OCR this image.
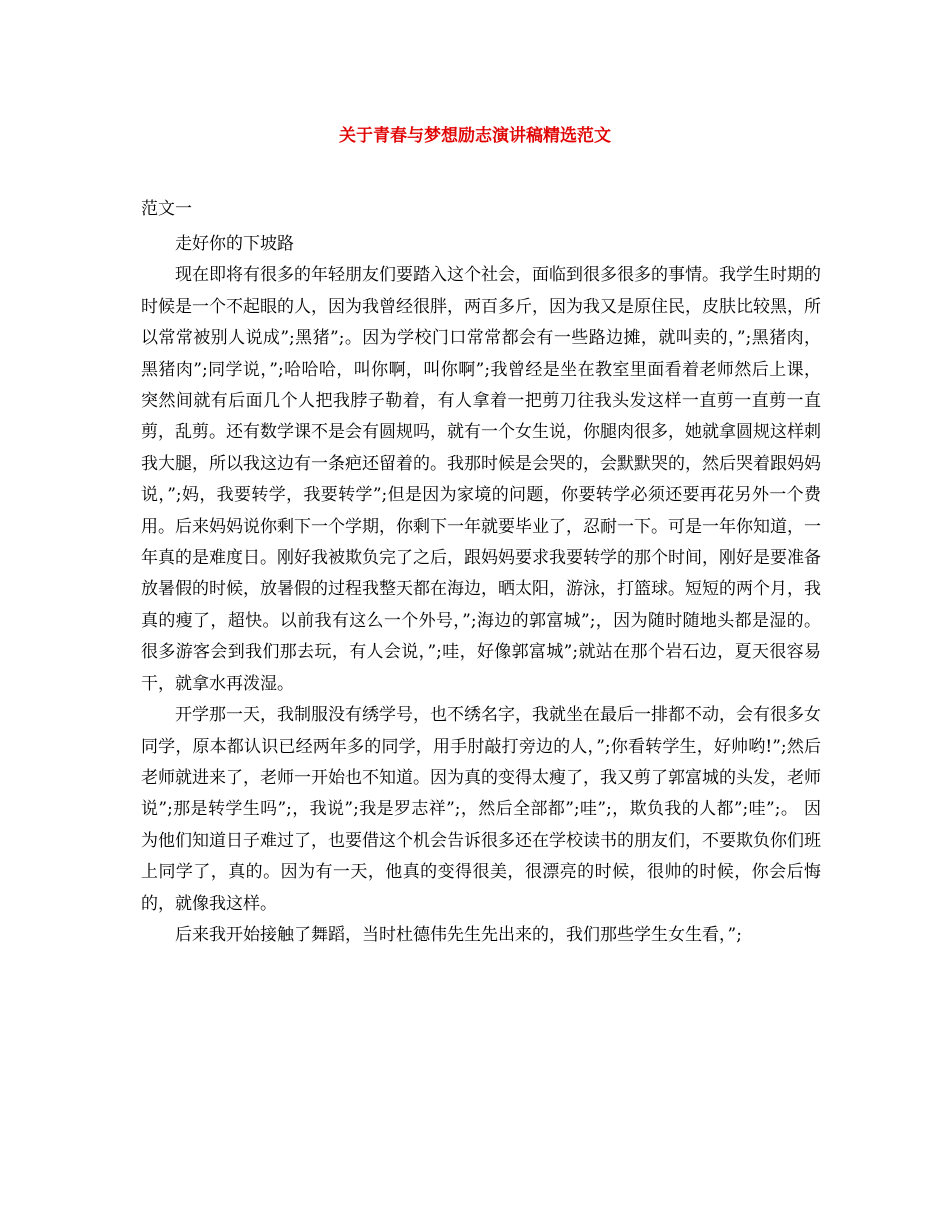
关于青春与梦想励志演讲稿精选范文
范文一

走好你的下坡路

现在即将有很多的年轻朋友们要踏入这个社会，面临到很多很多的事情。我学生时期的时候是一个不起眼的人，因为我曾经很胖，两百多斤，因为我又是原住民，皮肤比较黑，所以常常被别人说成”;黑猪”;。因为学校门口常常都会有一些路边摊，就叫卖的，”;黑猪肉，黑猪肉”;同学说，”;哈哈哈，叫你啊，叫你啊”;我曾经是坐在教室里面看着老师然后上课，突然间就有后面几个人把我脖子勒着，有人拿着一把剪刀往我头发这样一直剪一直剪一直剪，乱剪。还有数学课不是会有圆规吗，就有一个女生说，你腿肉很多，她就拿圆规这样刺我大腿，所以我这边有一条疤还留着的。我那时候是会哭的，会默默哭的，然后哭着跟妈妈说，”;妈，我要转学，我要转学”;但是因为家境的问题，你要转学必须还要再花另外一个费用。后来妈妈说你剩下一个学期，你剩下一年就要毕业了，忍耐一下。可是一年你知道，一年真的是难度日。刚好我被欺负完了之后，跟妈妈要求我要转学的那个时间，刚好是要准备放暑假的时候，放暑假的过程我整天都在海边，晒太阳，游泳，打篮球。短短的两个月，我真的瘦了，超快。以前我有这么一个外号，”;海边的郭富城”;，因为随时随地头都是湿的。很多游客会到我们那去玩，有人会说，”;哇，好像郭富城”;就站在那个岩石边，夏天很容易干，就拿水再泼湿。

开学那一天，我制服没有绣学号，也不绣名字，我就坐在最后一排都不动，会有很多女同学，原本都认识已经两年多的同学，用手肘敲打旁边的人，”;你看转学生，好帅哟!”;然后老师就进来了，老师一开始也不知道。因为真的变得太瘦了，我又剪了郭富城的头发，老师说”;那是转学生吗”;，我说”;我是罗志祥”;，然后全部都”;哇”;，欺负我的人都”;哇”;。 因为他们知道日子难过了，也要借这个机会告诉很多还在学校读书的朋友们，不要欺负你们班上同学了，真的。因为有一天，他真的变得很美，很漂亮的时候，很帅的时候，你会后悔的，就像我这样。

后来我开始接触了舞蹈，当时杜德伟先生先出来的，我们那些学生女生看，”;
